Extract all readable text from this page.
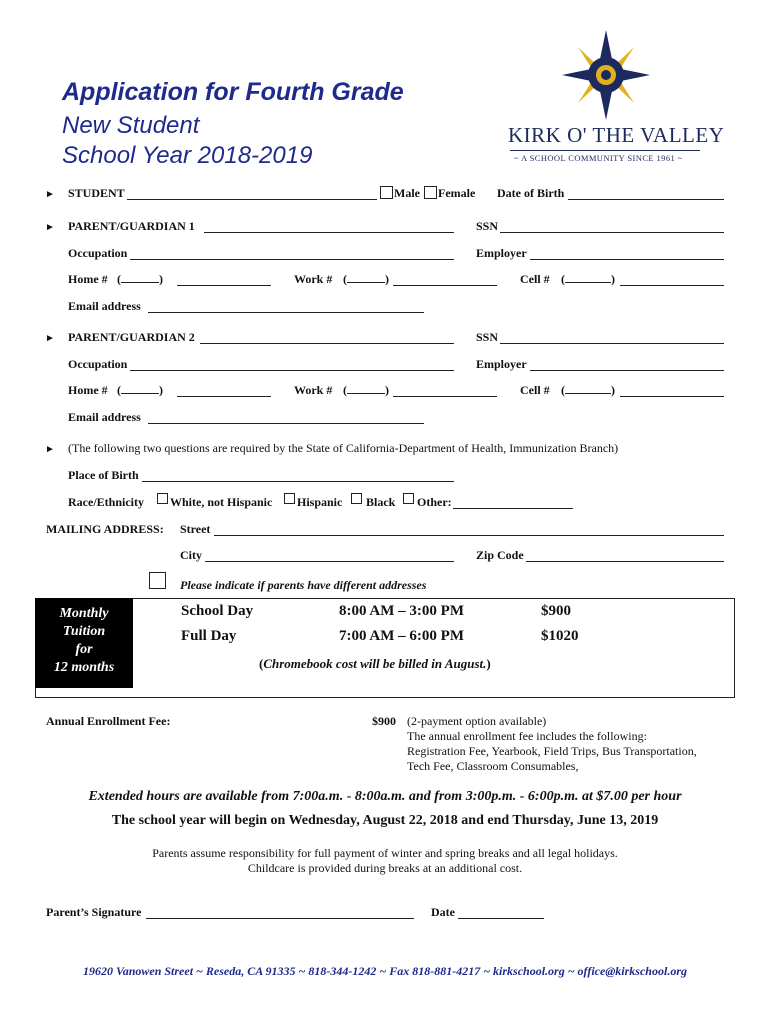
Application for Fourth Grade
New Student
School Year 2018-2019
KIRK O' THE VALLEY
~ A SCHOOL COMMUNITY SINCE 1961 ~
► STUDENT	Male Female Date of Birth
► PARENT/GUARDIAN 1	SSN
Occupation	Employer
Home # (	)	Work # (	)	Cell # (	)
Email address
► PARENT/GUARDIAN 2	SSN
Occupation	Employer
Home # (	)	Work # (	)	Cell # (	)
Email address
► (The following two questions are required by the State of California-Department of Health, Immunization Branch)
Place of Birth
Race/Ethnicity White, not Hispanic Hispanic Black Other:
MAILING ADDRESS: Street
City	Zip Code
Please indicate if parents have different addresses
Monthly
Tuition
for
12 months
School Day	8:00 AM – 3:00 PM	$900
Full Day	7:00 AM – 6:00 PM	$1020
(Chromebook cost will be billed in August.)
Annual Enrollment Fee:	$900 (2-payment option available)
The annual enrollment fee includes the following:
Registration Fee, Yearbook, Field Trips, Bus Transportation,
Tech Fee, Classroom Consumables,
Extended hours are available from 7:00a.m. - 8:00a.m. and from 3:00p.m. - 6:00p.m. at $7.00 per hour
The school year will begin on Wednesday, August 22, 2018 and end Thursday, June 13, 2019
Parents assume responsibility for full payment of winter and spring breaks and all legal holidays.
Childcare is provided during breaks at an additional cost.
Parent’s Signature	Date
19620 Vanowen Street ~ Reseda, CA 91335 ~ 818-344-1242 ~ Fax 818-881-4217 ~ kirkschool.org ~ office@kirkschool.org
